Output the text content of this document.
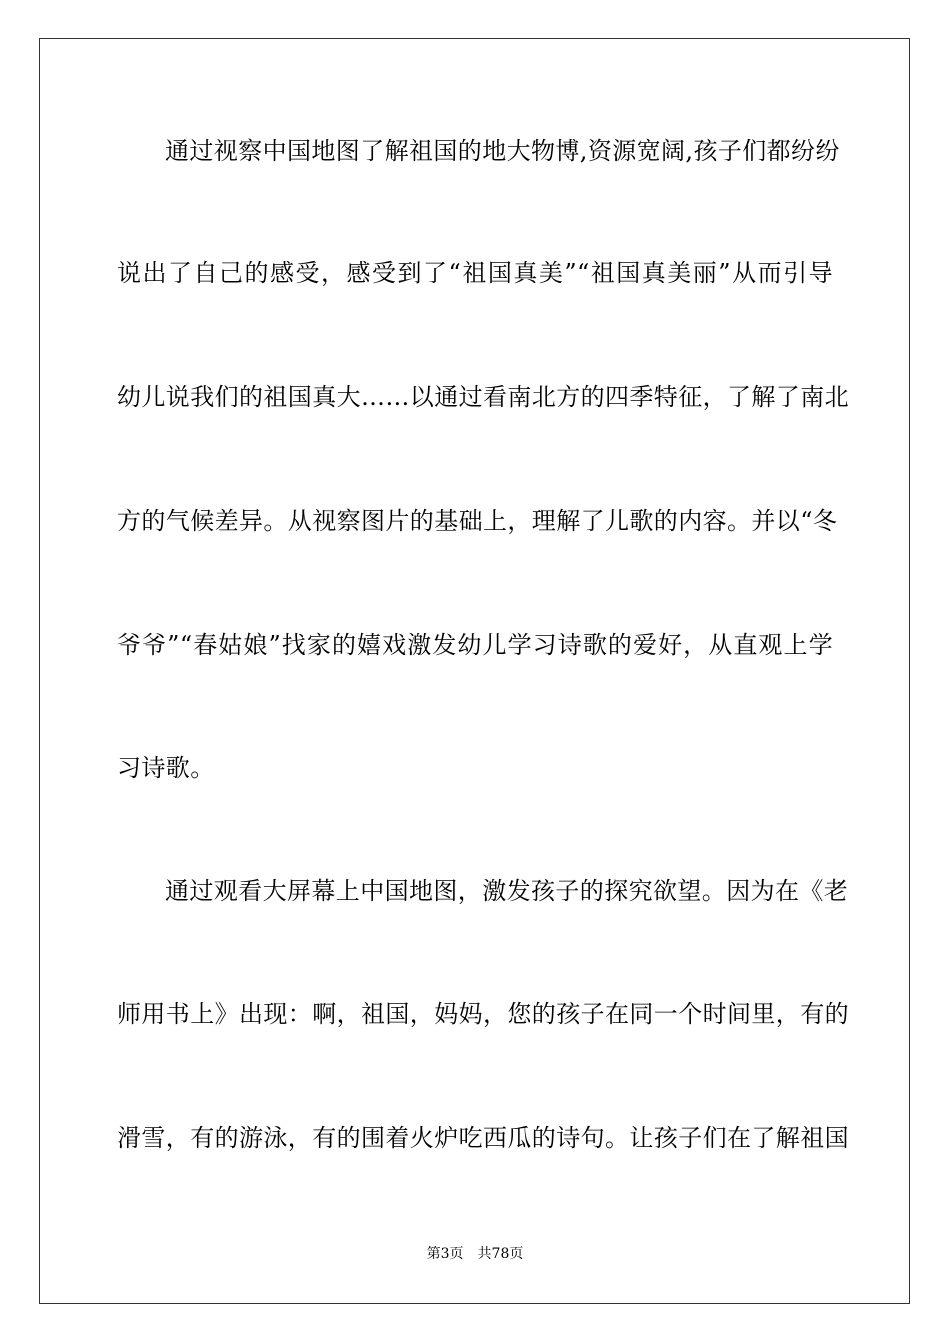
通过视察中国地图了解祖国的地大物博,资源宽阔,孩子们都纷纷
说出了自己的感受，感受到了“祖国真美”“祖国真美丽”从而引导
幼儿说我们的祖国真大……以通过看南北方的四季特征，了解了南北
方的气候差异。从视察图片的基础上，理解了儿歌的内容。并以“冬
爷爷”“春姑娘”找家的嬉戏激发幼儿学习诗歌的爱好，从直观上学
习诗歌。
通过观看大屏幕上中国地图，激发孩子的探究欲望。因为在《老
师用书上》出现：啊，祖国，妈妈，您的孩子在同一个时间里，有的
滑雪，有的游泳，有的围着火炉吃西瓜的诗句。让孩子们在了解祖国
第3页 共78页
